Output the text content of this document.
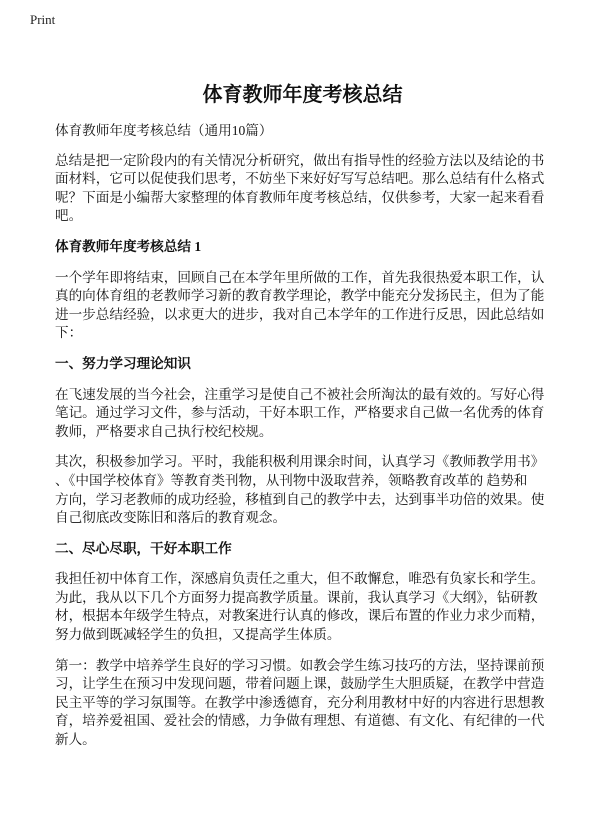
Print
体育教师年度考核总结
体育教师年度考核总结（通用10篇）
总结是把一定阶段内的有关情况分析研究，做出有指导性的经验方法以及结论的书
面材料，它可以促使我们思考，不妨坐下来好好写写总结吧。那么总结有什么格式
呢？下面是小编帮大家整理的体育教师年度考核总结，仅供参考，大家一起来看看
吧。
体育教师年度考核总结 1
一个学年即将结束，回顾自己在本学年里所做的工作，首先我很热爱本职工作，认
真的向体育组的老教师学习新的教育教学理论，教学中能充分发扬民主，但为了能
进一步总结经验，以求更大的进步，我对自己本学年的工作进行反思，因此总结如
下：
一、努力学习理论知识
在飞速发展的当今社会，注重学习是使自己不被社会所淘汰的最有效的。写好心得
笔记。通过学习文件，参与活动，干好本职工作，严格要求自己做一名优秀的体育
教师，严格要求自己执行校纪校规。
其次，积极参加学习。平时，我能积极利用课余时间，认真学习《教师教学用书》
、《中国学校体育》等教育类刊物，从刊物中汲取营养，领略教育改革的 趋势和
方向，学习老教师的成功经验，移植到自己的教学中去，达到事半功倍的效果。使
自己彻底改变陈旧和落后的教育观念。
二、尽心尽职，干好本职工作
我担任初中体育工作，深感肩负责任之重大，但不敢懈怠，唯恐有负家长和学生。
为此，我从以下几个方面努力提高教学质量。课前，我认真学习《大纲》，钻研教
材，根据本年级学生特点，对教案进行认真的修改，课后布置的作业力求少而精，
努力做到既减轻学生的负担，又提高学生体质。
第一：教学中培养学生良好的学习习惯。如教会学生练习技巧的方法，坚持课前预
习，让学生在预习中发现问题，带着问题上课，鼓励学生大胆质疑，在教学中营造
民主平等的学习氛围等。在教学中渗透德育，充分利用教材中好的内容进行思想教
育，培养爱祖国、爱社会的情感，力争做有理想、有道德、有文化、有纪律的一代
新人。
